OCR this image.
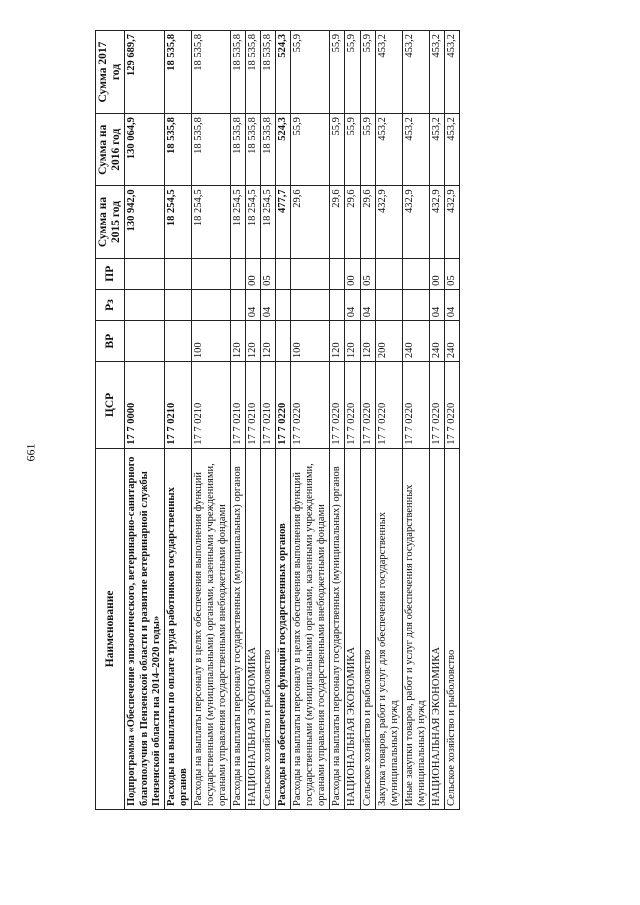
661
Наименование	ЦСР	ВР	Рз	ПР	Сумма на 2015 год	Сумма на 2016 год	Сумма 2017 год
Подпрограмма «Обеспечение эпизоотического, ветеринарно-санитарного благополучия в Пензенской области и развитие ветеринарной службы Пензенской области на 2014–2020 годы»	17 7 0000				130 942,0	130 064,9	129 689,7
Расходы на выплаты по оплате труда работников государственных органов	17 7 0210				18 254,5	18 535,8	18 535,8
Расходы на выплаты персоналу в целях обеспечения выполнения функций государственными (муниципальными) органами, казенными учреждениями, органами управления государственными внебюджетными фондами	17 7 0210	100			18 254,5	18 535,8	18 535,8
Расходы на выплаты персоналу государственных (муниципальных) органов	17 7 0210	120			18 254,5	18 535,8	18 535,8
НАЦИОНАЛЬНАЯ ЭКОНОМИКА	17 7 0210	120	04	00	18 254,5	18 535,8	18 535,8
Сельское хозяйство и рыболовство	17 7 0210	120	04	05	18 254,5	18 535,8	18 535,8
Расходы на обеспечение функций государственных органов	17 7 0220				477,7	524,3	524,3
Расходы на выплаты персоналу в целях обеспечения выполнения функций государственными (муниципальными) органами, казенными учреждениями, органами управления государственными внебюджетными фондами	17 7 0220	100			29,6	55,9	55,9
Расходы на выплаты персоналу государственных (муниципальных) органов	17 7 0220	120			29,6	55,9	55,9
НАЦИОНАЛЬНАЯ ЭКОНОМИКА	17 7 0220	120	04	00	29,6	55,9	55,9
Сельское хозяйство и рыболовство	17 7 0220	120	04	05	29,6	55,9	55,9
Закупка товаров, работ и услуг для обеспечения государственных (муниципальных) нужд	17 7 0220	200			432,9	453,2	453,2
Иные закупки товаров, работ и услуг для обеспечения государственных (муниципальных) нужд	17 7 0220	240			432,9	453,2	453,2
НАЦИОНАЛЬНАЯ ЭКОНОМИКА	17 7 0220	240	04	00	432,9	453,2	453,2
Сельское хозяйство и рыболовство	17 7 0220	240	04	05	432,9	453,2	453,2
